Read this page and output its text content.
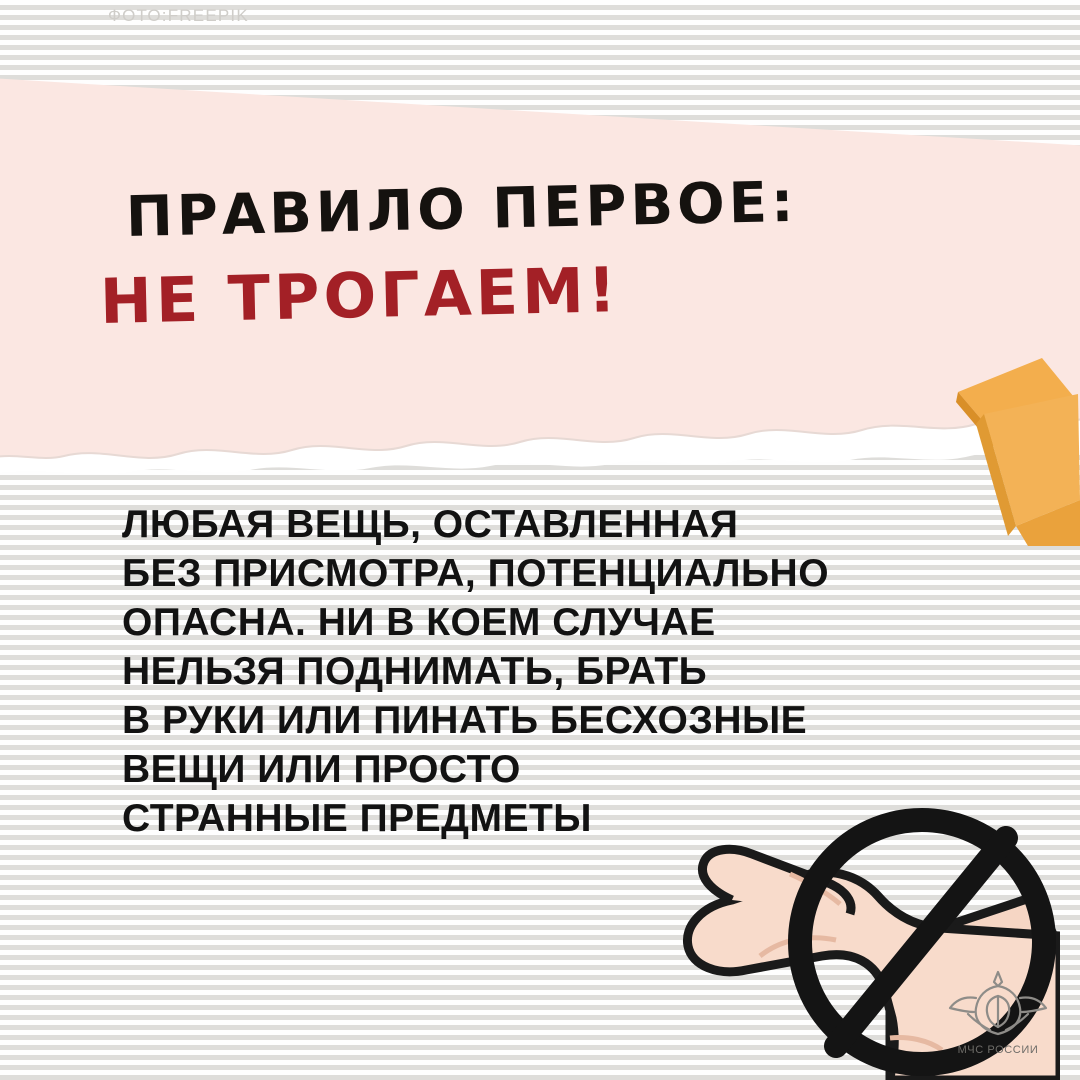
ФОТО:FREEPIK
ПРАВИЛО ПЕРВОЕ:
НЕ ТРОГАЕМ!
ЛЮБАЯ ВЕЩЬ, ОСТАВЛЕННАЯ
БЕЗ ПРИСМОТРА, ПОТЕНЦИАЛЬНО
ОПАСНА. НИ В КОЕМ СЛУЧАЕ
НЕЛЬЗЯ ПОДНИМАТЬ, БРАТЬ
В РУКИ ИЛИ ПИНАТЬ БЕСХОЗНЫЕ
ВЕЩИ ИЛИ ПРОСТО
СТРАННЫЕ ПРЕДМЕТЫ
МЧС РОССИИ
